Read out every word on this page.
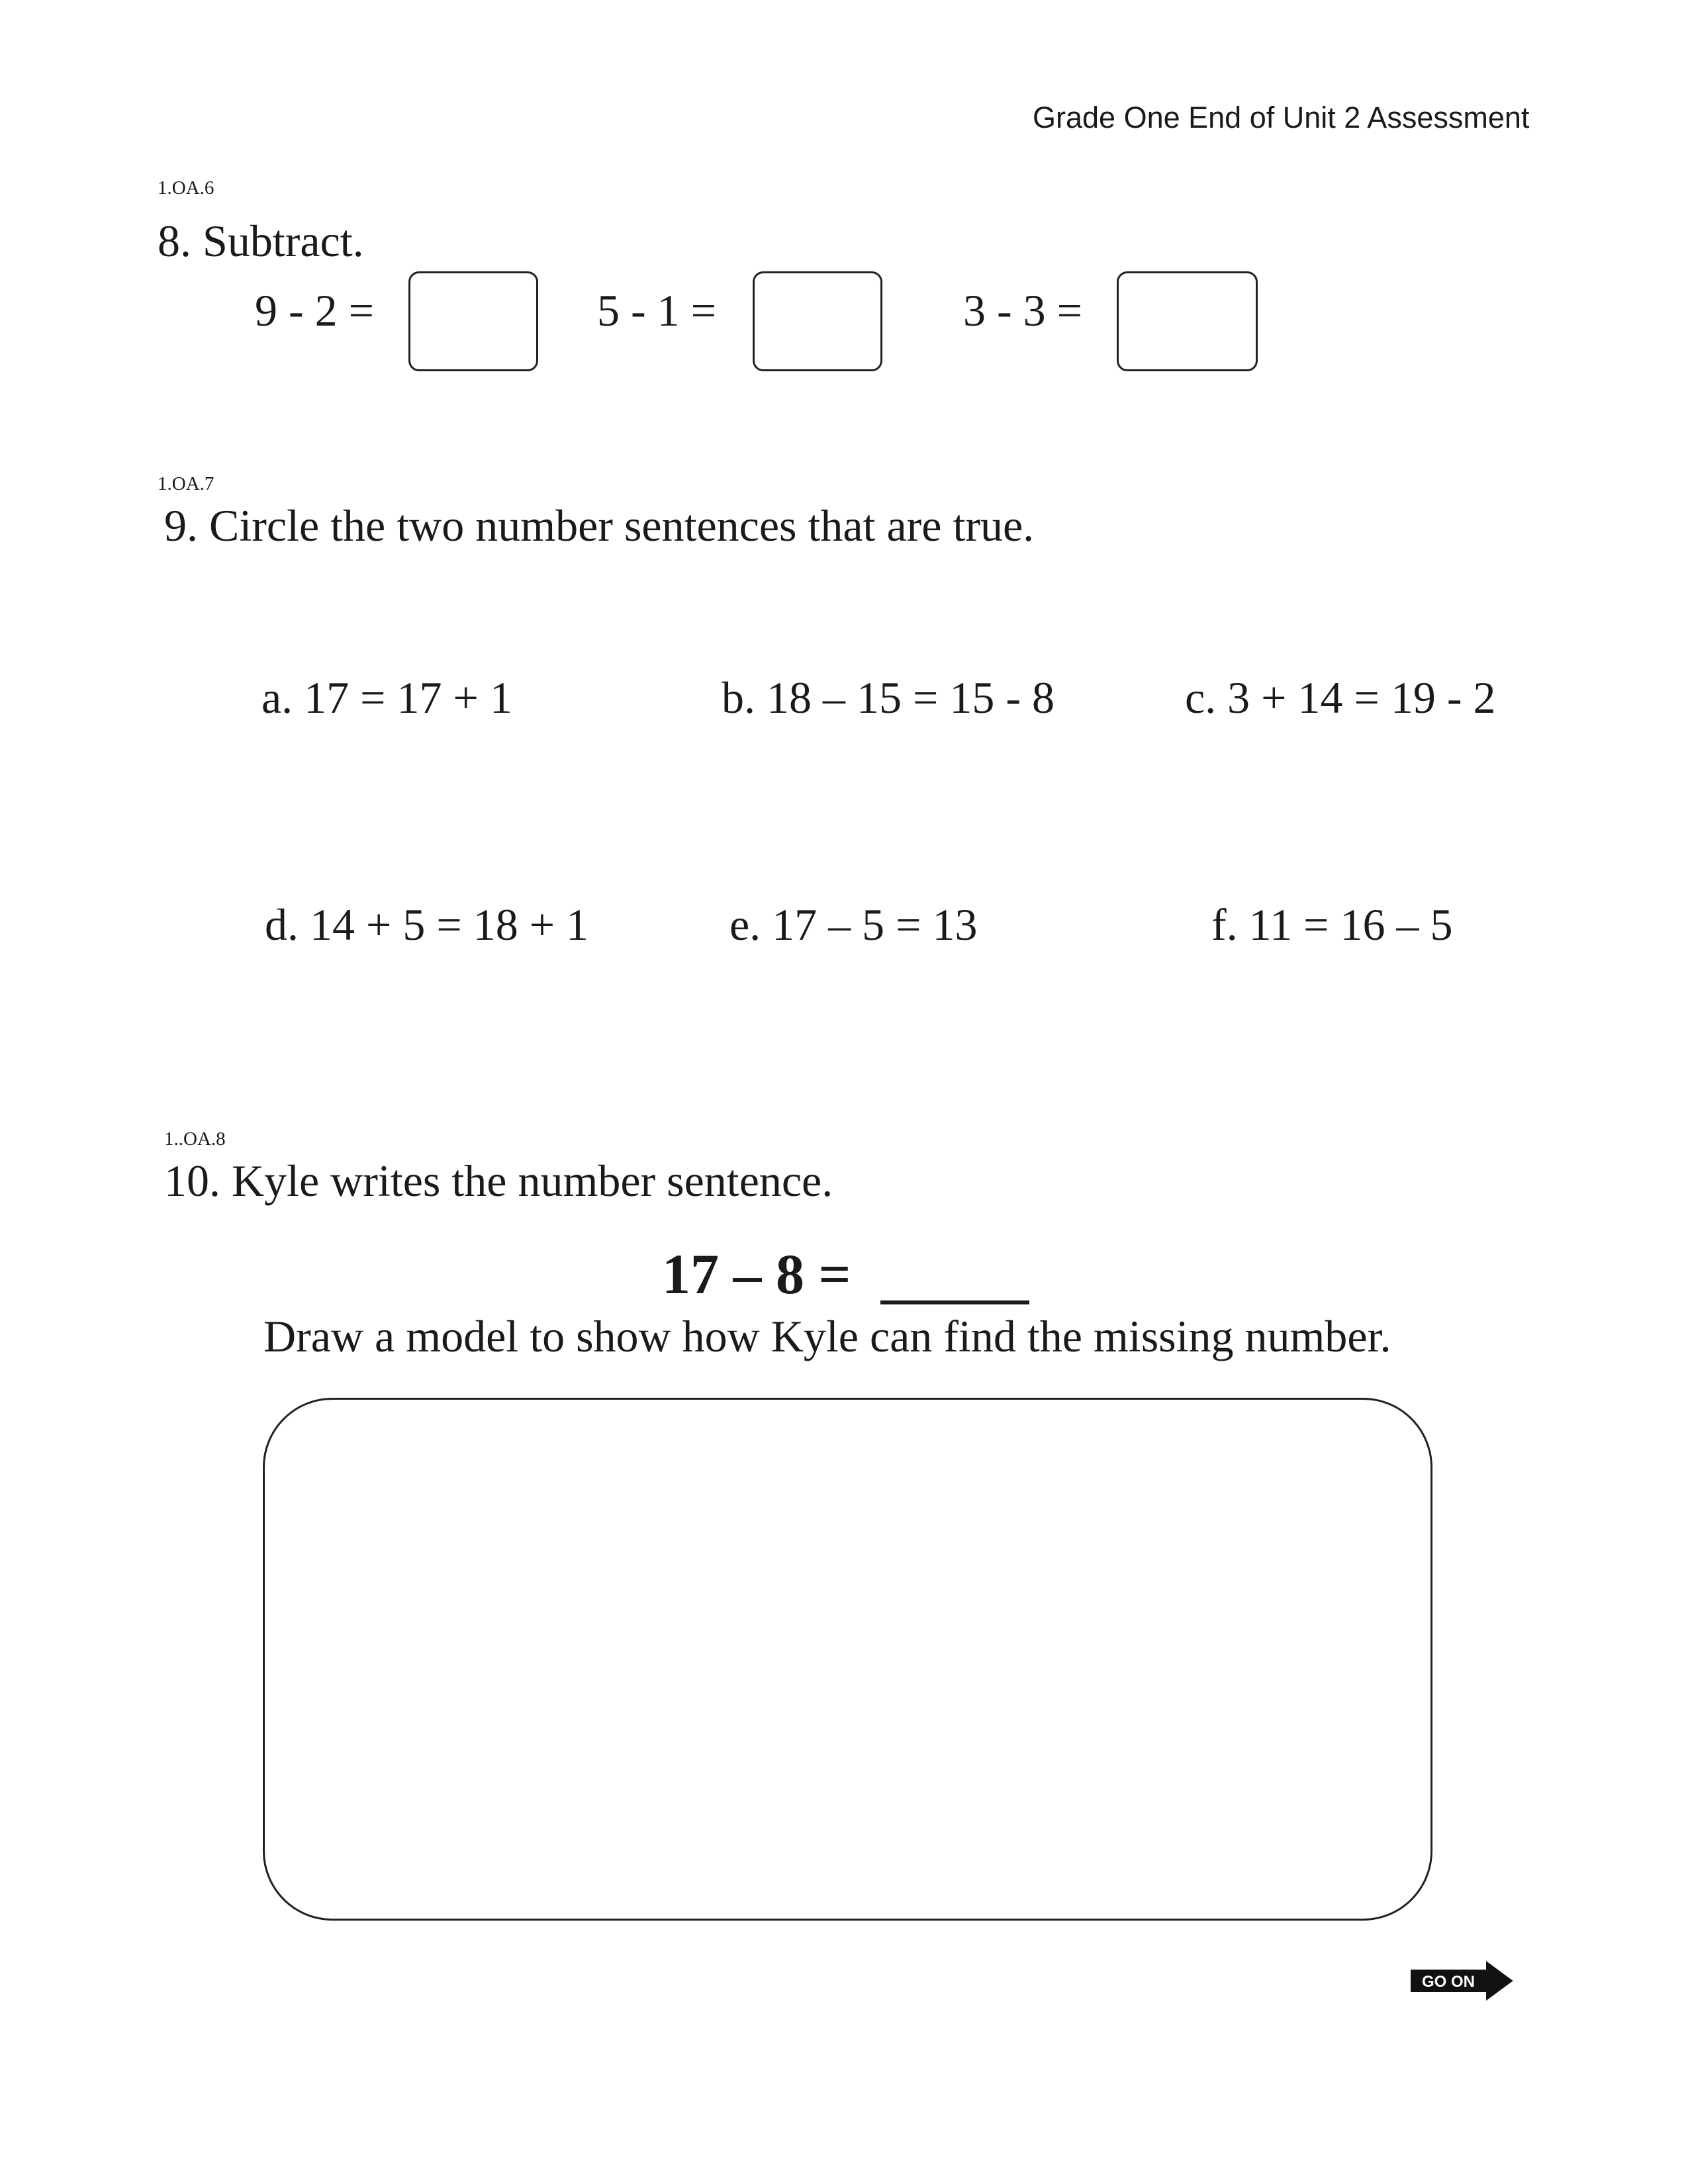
Grade One End of Unit 2 Assessment
1.OA.6
8. Subtract.
9 - 2 =	5 - 1 =	3 - 3 =
1.OA.7
9. Circle the two number sentences that are true.
a. 17 = 17 + 1	b. 18 – 15 = 15 - 8	c. 3 + 14 = 19 - 2
d. 14 + 5 = 18 + 1	e. 17 – 5 = 13	f. 11 = 16 – 5
1..OA.8
10. Kyle writes the number sentence.
17 – 8 =
Draw a model to show how Kyle can find the missing number.
GO ON
